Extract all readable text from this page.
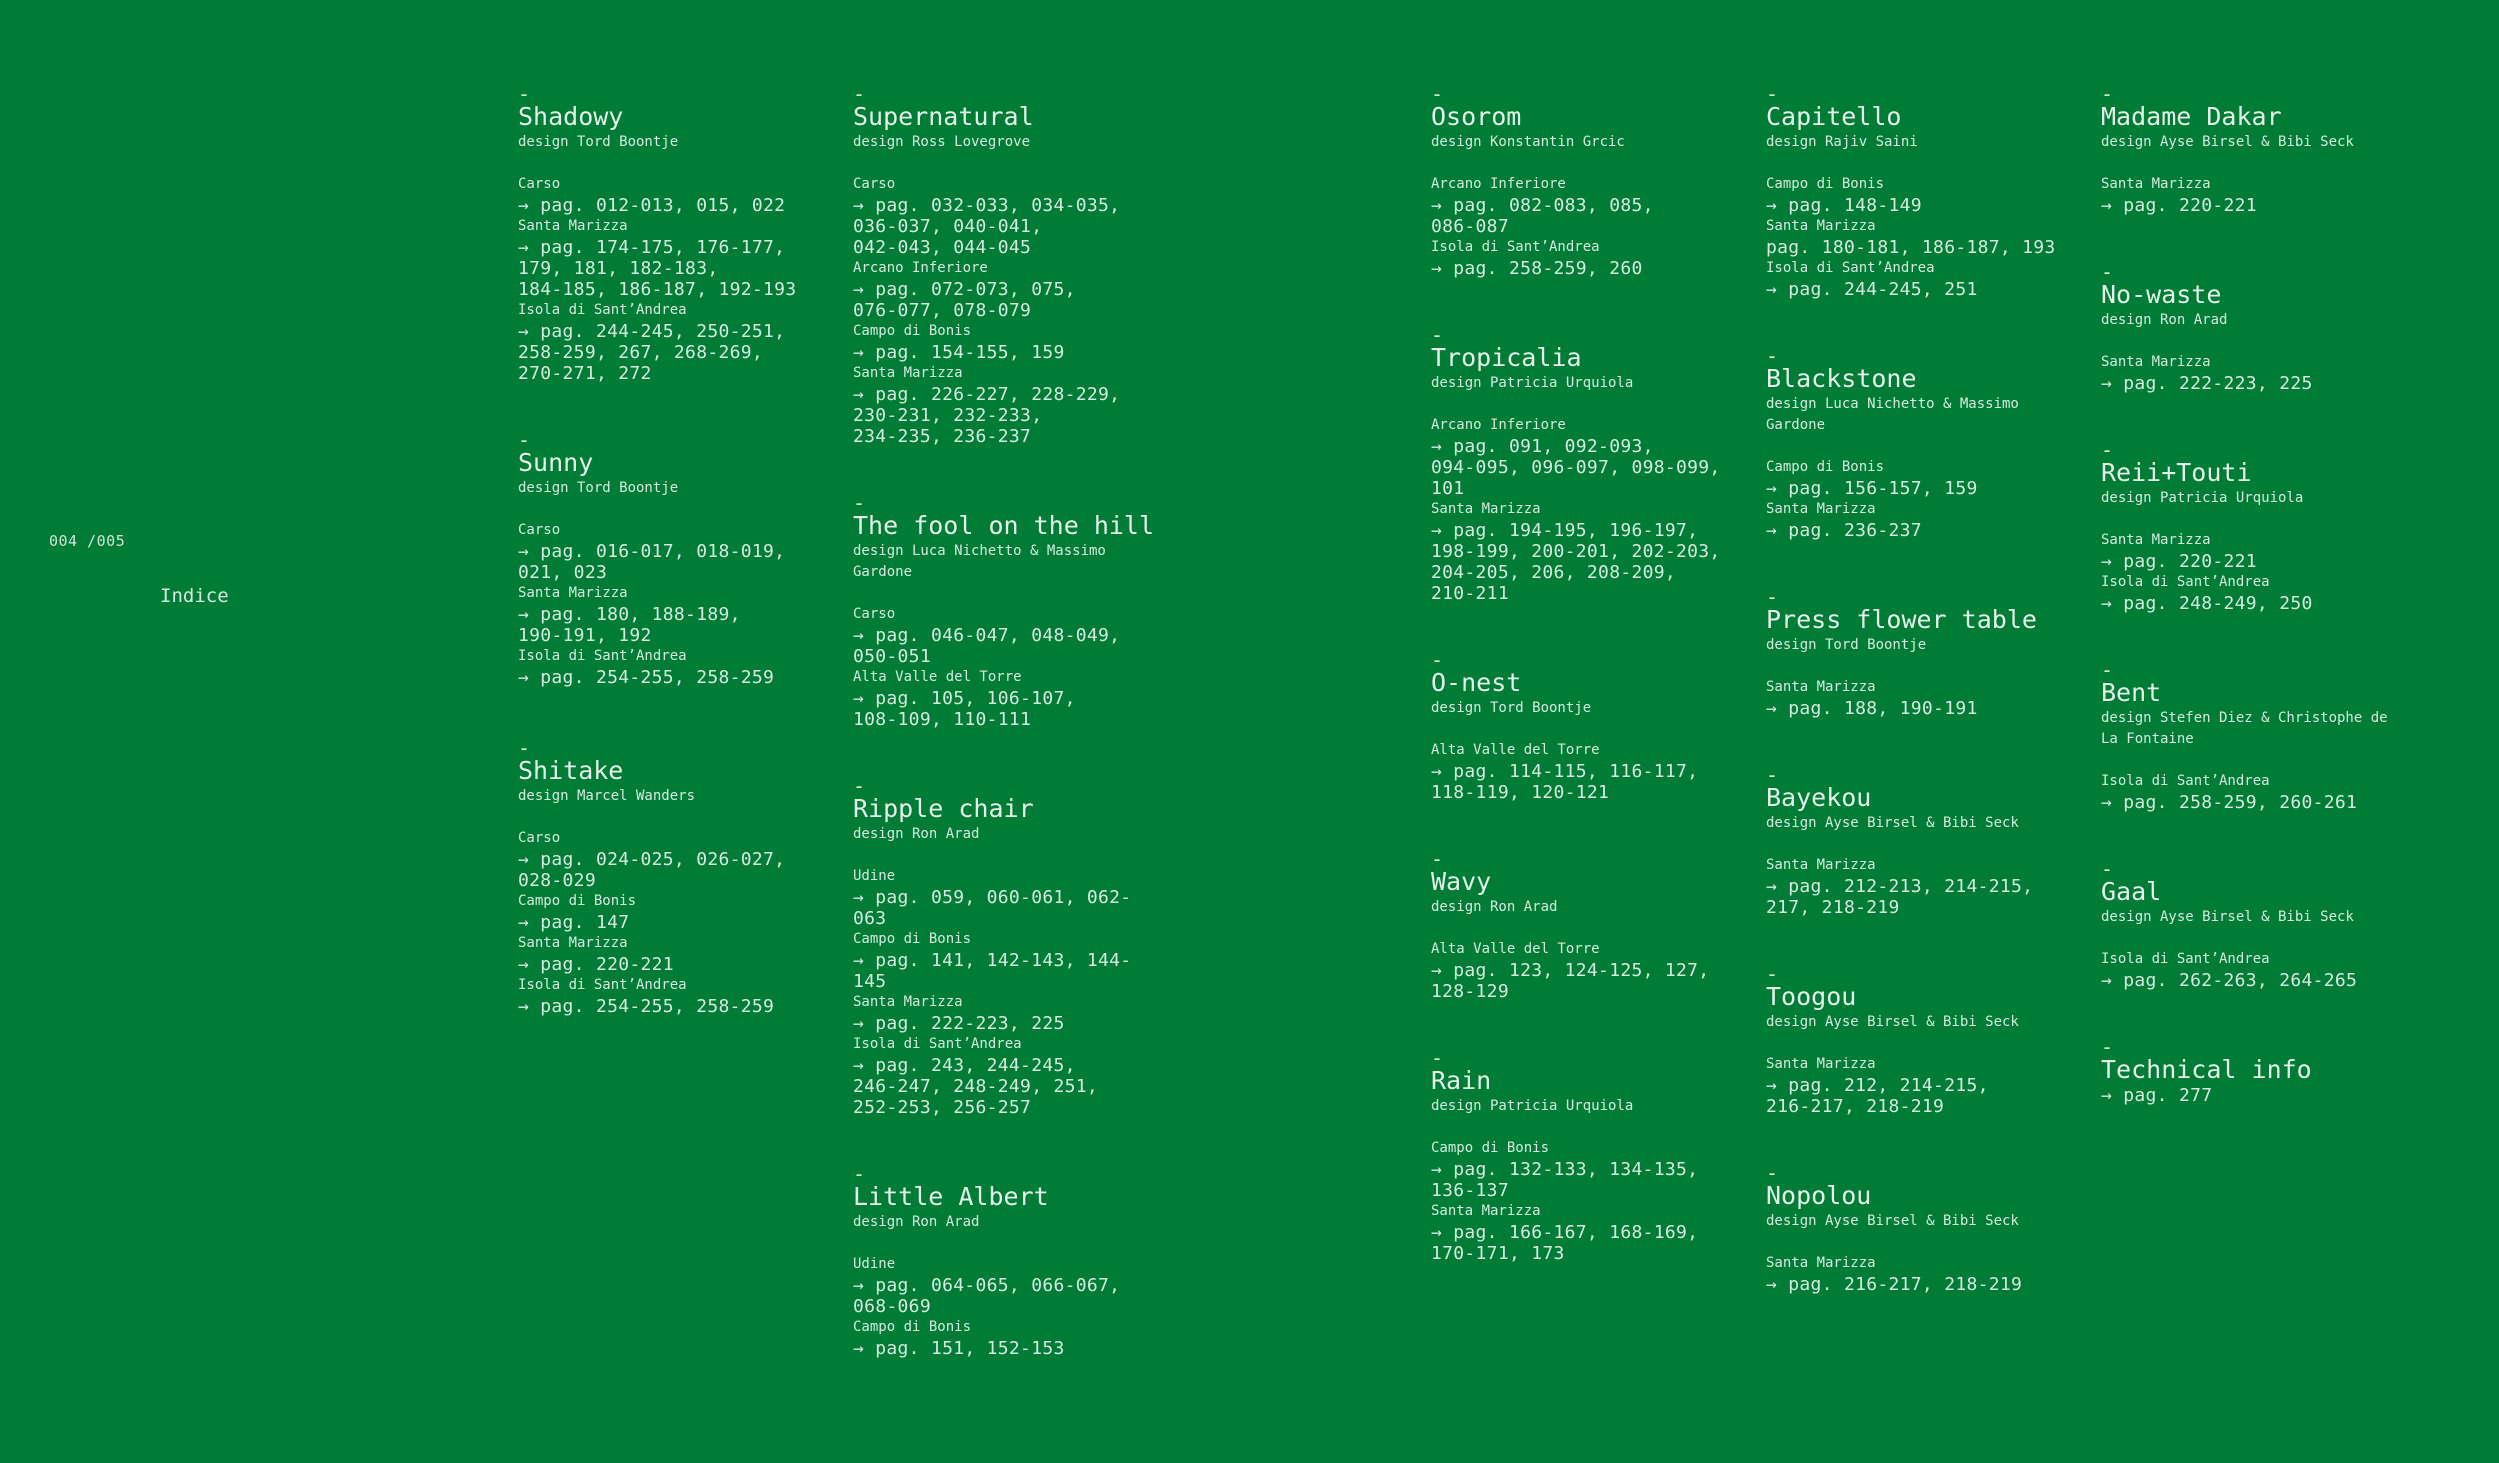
004 /005
Indice
-
Shadowy
design Tord Boontje
Carso
→ pag. 012-013, 015, 022
Santa Marizza
→ pag. 174-175, 176-177,
179, 181, 182-183,
184-185, 186-187, 192-193
Isola di Sant’Andrea
→ pag. 244-245, 250-251,
258-259, 267, 268-269,
270-271, 272
-
Sunny
design Tord Boontje
Carso
→ pag. 016-017, 018-019,
021, 023
Santa Marizza
→ pag. 180, 188-189,
190-191, 192
Isola di Sant’Andrea
→ pag. 254-255, 258-259
-
Shitake
design Marcel Wanders
Carso
→ pag. 024-025, 026-027,
028-029
Campo di Bonis
→ pag. 147
Santa Marizza
→ pag. 220-221
Isola di Sant’Andrea
→ pag. 254-255, 258-259
-
Supernatural
design Ross Lovegrove
Carso
→ pag. 032-033, 034-035,
036-037, 040-041,
042-043, 044-045
Arcano Inferiore
→ pag. 072-073, 075,
076-077, 078-079
Campo di Bonis
→ pag. 154-155, 159
Santa Marizza
→ pag. 226-227, 228-229,
230-231, 232-233,
234-235, 236-237
-
The fool on the hill
design Luca Nichetto & Massimo Gardone
Carso
→ pag. 046-047, 048-049,
050-051
Alta Valle del Torre
→ pag. 105, 106-107,
108-109, 110-111
-
Ripple chair
design Ron Arad
Udine
→ pag. 059, 060-061, 062-063
Campo di Bonis
→ pag. 141, 142-143, 144-145
Santa Marizza
→ pag. 222-223, 225
Isola di Sant’Andrea
→ pag. 243, 244-245,
246-247, 248-249, 251,
252-253, 256-257
-
Little Albert
design Ron Arad
Udine
→ pag. 064-065, 066-067,
068-069
Campo di Bonis
→ pag. 151, 152-153
-
Osorom
design Konstantin Grcic
Arcano Inferiore
→ pag. 082-083, 085,
086-087
Isola di Sant’Andrea
→ pag. 258-259, 260
-
Tropicalia
design Patricia Urquiola
Arcano Inferiore
→ pag. 091, 092-093,
094-095, 096-097, 098-099,
101
Santa Marizza
→ pag. 194-195, 196-197,
198-199, 200-201, 202-203,
204-205, 206, 208-209,
210-211
-
O-nest
design Tord Boontje
Alta Valle del Torre
→ pag. 114-115, 116-117,
118-119, 120-121
-
Wavy
design Ron Arad
Alta Valle del Torre
→ pag. 123, 124-125, 127,
128-129
-
Rain
design Patricia Urquiola
Campo di Bonis
→ pag. 132-133, 134-135,
136-137
Santa Marizza
→ pag. 166-167, 168-169,
170-171, 173
-
Capitello
design Rajiv Saini
Campo di Bonis
→ pag. 148-149
Santa Marizza
pag. 180-181, 186-187, 193
Isola di Sant’Andrea
→ pag. 244-245, 251
-
Blackstone
design Luca Nichetto & Massimo Gardone
Campo di Bonis
→ pag. 156-157, 159
Santa Marizza
→ pag. 236-237
-
Press flower table
design Tord Boontje
Santa Marizza
→ pag. 188, 190-191
-
Bayekou
design Ayse Birsel & Bibi Seck
Santa Marizza
→ pag. 212-213, 214-215,
217, 218-219
-
Toogou
design Ayse Birsel & Bibi Seck
Santa Marizza
→ pag. 212, 214-215,
216-217, 218-219
-
Nopolou
design Ayse Birsel & Bibi Seck
Santa Marizza
→ pag. 216-217, 218-219
-
Madame Dakar
design Ayse Birsel & Bibi Seck
Santa Marizza
→ pag. 220-221
-
No-waste
design Ron Arad
Santa Marizza
→ pag. 222-223, 225
-
Reii+Touti
design Patricia Urquiola
Santa Marizza
→ pag. 220-221
Isola di Sant’Andrea
→ pag. 248-249, 250
-
Bent
design Stefen Diez & Christophe de La Fontaine
Isola di Sant’Andrea
→ pag. 258-259, 260-261
-
Gaal
design Ayse Birsel & Bibi Seck
Isola di Sant’Andrea
→ pag. 262-263, 264-265
-
Technical info
→ pag. 277
